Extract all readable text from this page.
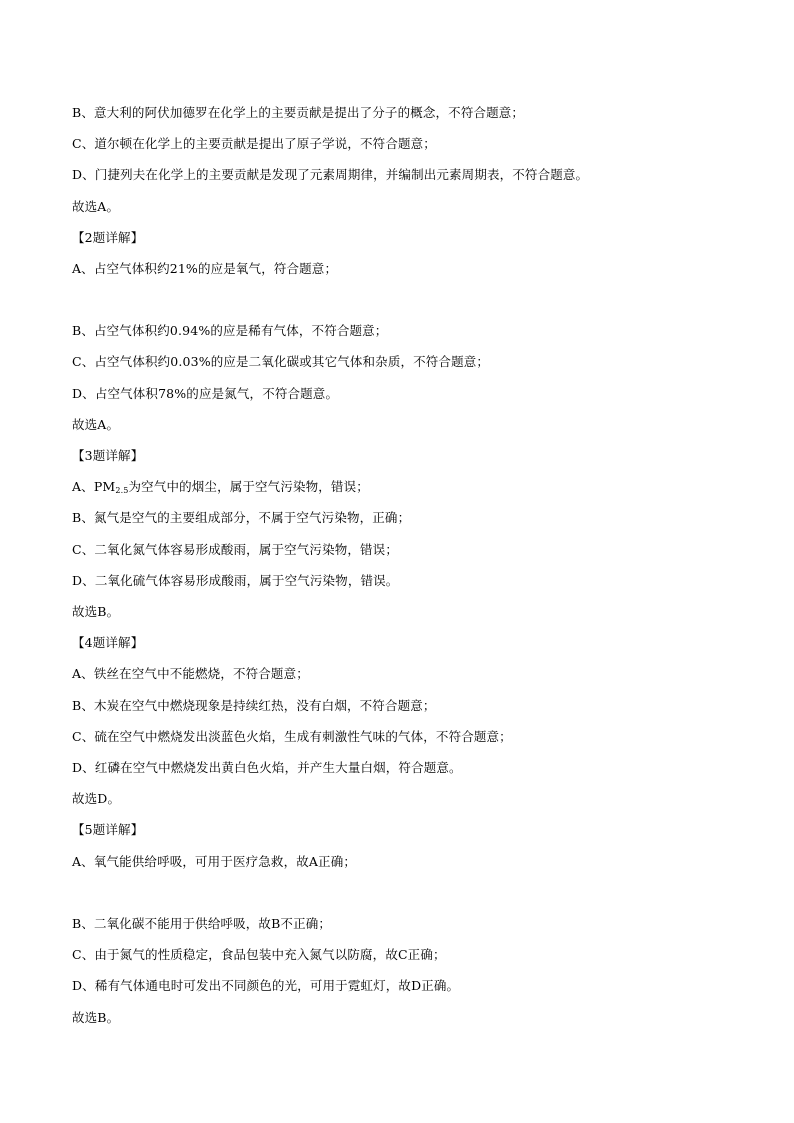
B、意大利的阿伏加德罗在化学上的主要贡献是提出了分子的概念，不符合题意；
C、道尔顿在化学上的主要贡献是提出了原子学说，不符合题意；
D、门捷列夫在化学上的主要贡献是发现了元素周期律，并编制出元素周期表，不符合题意。
故选A。
【2题详解】
A、占空气体积约21%的应是氧气，符合题意；
B、占空气体积约0.94%的应是稀有气体，不符合题意；
C、占空气体积约0.03%的应是二氧化碳或其它气体和杂质，不符合题意；
D、占空气体积78%的应是氮气，不符合题意。
故选A。
【3题详解】
A、$PM_{2.5}$为空气中的烟尘，属于空气污染物，错误；
B、氮气是空气的主要组成部分，不属于空气污染物，正确；
C、二氧化氮气体容易形成酸雨，属于空气污染物，错误；
D、二氧化硫气体容易形成酸雨，属于空气污染物，错误。
故选B。
【4题详解】
A、铁丝在空气中不能燃烧，不符合题意；
B、木炭在空气中燃烧现象是持续红热，没有白烟，不符合题意；
C、硫在空气中燃烧发出淡蓝色火焰，生成有刺激性气味的气体，不符合题意；
D、红磷在空气中燃烧发出黄白色火焰，并产生大量白烟，符合题意。
故选D。
【5题详解】
A、氧气能供给呼吸，可用于医疗急救，故A正确；
B、二氧化碳不能用于供给呼吸，故B不正确；
C、由于氮气的性质稳定，食品包装中充入氮气以防腐，故C正确；
D、稀有气体通电时可发出不同颜色的光，可用于霓虹灯，故D正确。
故选B。
